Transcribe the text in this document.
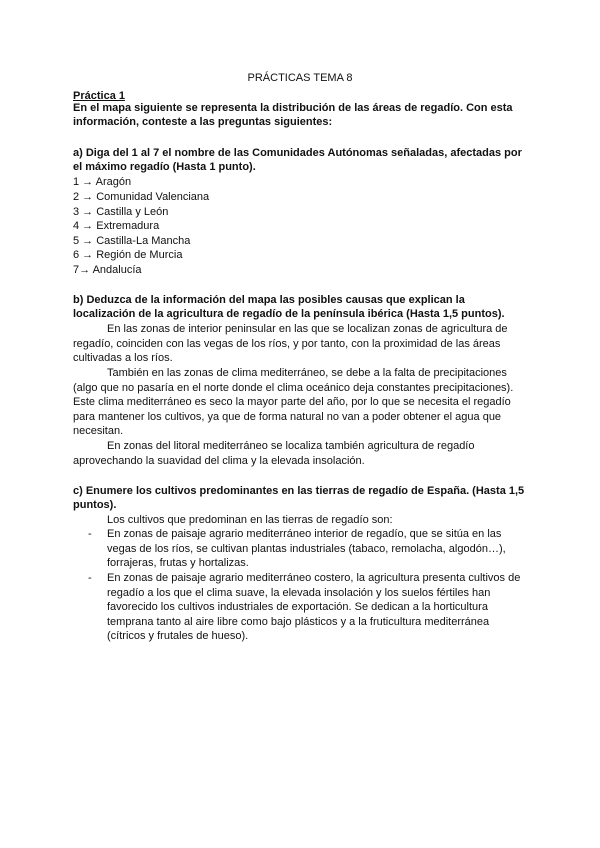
PRÁCTICAS TEMA 8
Práctica 1
En el mapa siguiente se representa la distribución de las áreas de regadío. Con esta
información, conteste a las preguntas siguientes:
a) Diga del 1 al 7 el nombre de las Comunidades Autónomas señaladas, afectadas por
el máximo regadío (Hasta 1 punto).
1 → Aragón
2 → Comunidad Valenciana
3 → Castilla y León
4 → Extremadura
5 → Castilla-La Mancha
6 → Región de Murcia
7→ Andalucía
b) Deduzca de la información del mapa las posibles causas que explican la
localización de la agricultura de regadío de la península ibérica (Hasta 1,5 puntos).
En las zonas de interior peninsular en las que se localizan zonas de agricultura de
regadío, coinciden con las vegas de los ríos, y por tanto, con la proximidad de las áreas
cultivadas a los ríos.
También en las zonas de clima mediterráneo, se debe a la falta de precipitaciones
(algo que no pasaría en el norte donde el clima oceánico deja constantes precipitaciones).
Este clima mediterráneo es seco la mayor parte del año, por lo que se necesita el regadío
para mantener los cultivos, ya que de forma natural no van a poder obtener el agua que
necesitan.
En zonas del litoral mediterráneo se localiza también agricultura de regadío
aprovechando la suavidad del clima y la elevada insolación.
c) Enumere los cultivos predominantes en las tierras de regadío de España. (Hasta 1,5
puntos).
Los cultivos que predominan en las tierras de regadío son:
- En zonas de paisaje agrario mediterráneo interior de regadío, que se sitúa en las
vegas de los ríos, se cultivan plantas industriales (tabaco, remolacha, algodón…),
forrajeras, frutas y hortalizas.
- En zonas de paisaje agrario mediterráneo costero, la agricultura presenta cultivos de
regadío a los que el clima suave, la elevada insolación y los suelos fértiles han
favorecido los cultivos industriales de exportación. Se dedican a la horticultura
temprana tanto al aire libre como bajo plásticos y a la fruticultura mediterránea
(cítricos y frutales de hueso).
